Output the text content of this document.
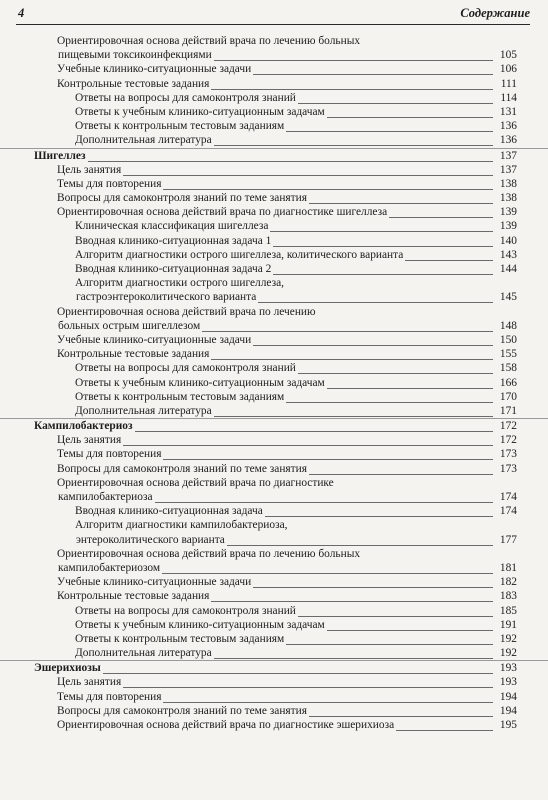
4	Содержание
Ориентировочная основа действий врача по лечению больных
пищевыми токсикоинфекциями	105
Учебные клинико-ситуационные задачи	106
Контрольные тестовые задания	111
Ответы на вопросы для самоконтроля знаний	114
Ответы к учебным клинико-ситуационным задачам	131
Ответы к контрольным тестовым заданиям	136
Дополнительная литература	136
Шигеллез	137
Цель занятия	137
Темы для повторения	138
Вопросы для самоконтроля знаний по теме занятия	138
Ориентировочная основа действий врача по диагностике шигеллеза	139
Клиническая классификация шигеллеза	139
Вводная клинико-ситуационная задача 1	140
Алгоритм диагностики острого шигеллеза, колитического варианта	143
Вводная клинико-ситуационная задача 2	144
Алгоритм диагностики острого шигеллеза,
гастроэнтероколитического варианта	145
Ориентировочная основа действий врача по лечению
больных острым шигеллезом	148
Учебные клинико-ситуационные задачи	150
Контрольные тестовые задания	155
Ответы на вопросы для самоконтроля знаний	158
Ответы к учебным клинико-ситуационным задачам	166
Ответы к контрольным тестовым заданиям	170
Дополнительная литература	171
Кампилобактериоз	172
Цель занятия	172
Темы для повторения	173
Вопросы для самоконтроля знаний по теме занятия	173
Ориентировочная основа действий врача по диагностике
кампилобактериоза	174
Вводная клинико-ситуационная задача	174
Алгоритм диагностики кампилобактериоза,
энтероколитического варианта	177
Ориентировочная основа действий врача по лечению больных
кампилобактериозом	181
Учебные клинико-ситуационные задачи	182
Контрольные тестовые задания	183
Ответы на вопросы для самоконтроля знаний	185
Ответы к учебным клинико-ситуационным задачам	191
Ответы к контрольным тестовым заданиям	192
Дополнительная литература	192
Эшерихиозы	193
Цель занятия	193
Темы для повторения	194
Вопросы для самоконтроля знаний по теме занятия	194
Ориентировочная основа действий врача по диагностике эшерихиоза	195
